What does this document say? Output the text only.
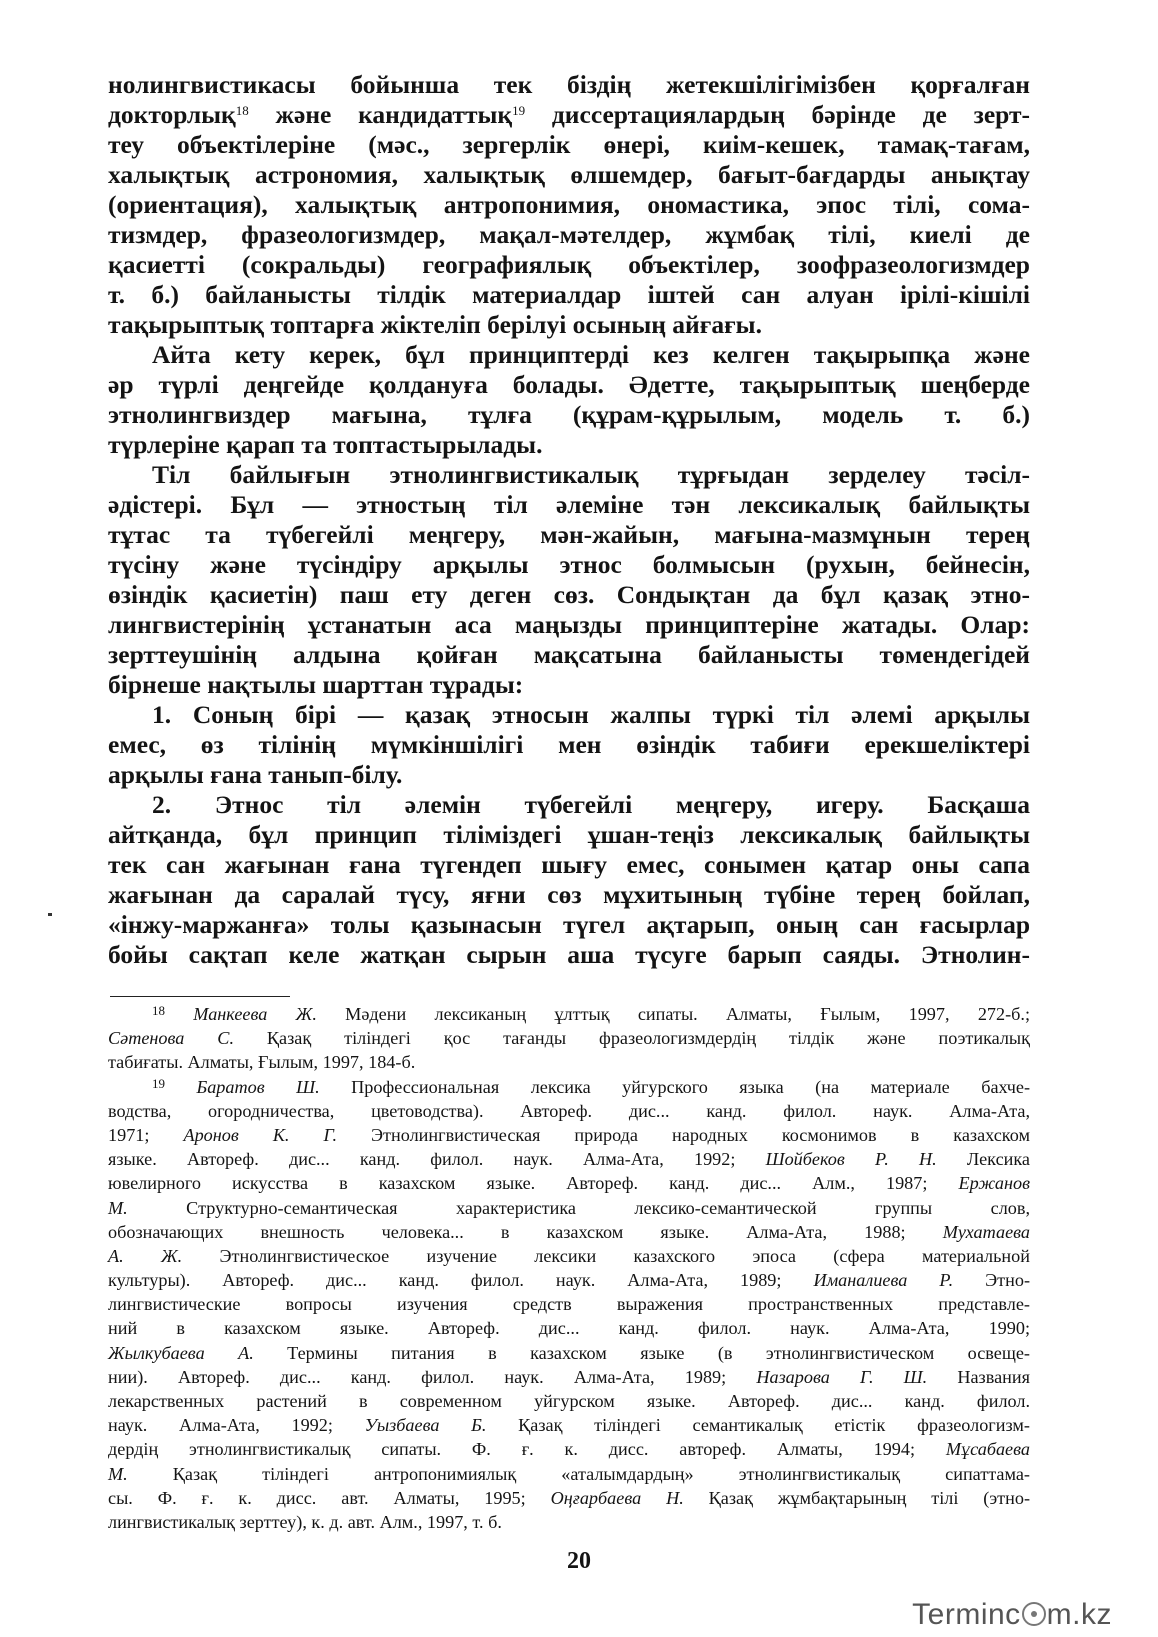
нолингвистикасы бойынша тек біздің жетекшілігімізбен қорғалған
докторлық$^{18}$ және кандидаттық$^{19}$ диссертациялардың бәрінде де зерт-
теу объектілеріне (мәс., зергерлік өнері, киім-кешек, тамақ-тағам,
халықтық астрономия, халықтық өлшемдер, бағыт-бағдарды анықтау
(ориентация), халықтық антропонимия, ономастика, эпос тілі, сома-
тизмдер, фразеологизмдер, мақал-мәтелдер, жұмбақ тілі, киелі де
қасиетті (сокральды) географиялық объектілер, зоофразеологизмдер
т. б.) байланысты тілдік материалдар іштей сан алуан ірілі-кішілі
тақырыптық топтарға жіктеліп берілуі осының айғағы.
Айта кету керек, бұл принциптерді кез келген тақырыпқа және
әр түрлі деңгейде қолдануға болады. Әдетте, тақырыптық шеңберде
этнолингвиздер мағына, тұлға (құрам-құрылым, модель т. б.)
түрлеріне қарап та топтастырылады.
Тіл байлығын этнолингвистикалық тұрғыдан зерделеу тәсіл-
әдістері. Бұл — этностың тіл әлеміне тән лексикалық байлықты
тұтас та түбегейлі меңгеру, мән-жайын, мағына-мазмұнын терең
түсіну және түсіндіру арқылы этнос болмысын (рухын, бейнесін,
өзіндік қасиетін) паш ету деген сөз. Сондықтан да бұл қазақ этно-
лингвистерінің ұстанатын аса маңызды принциптеріне жатады. Олар:
зерттеушінің алдына қойған мақсатына байланысты төмендегідей
бірнеше нақтылы шарттан тұрады:
1. Соның бірі — қазақ этносын жалпы түркі тіл әлемі арқылы
емес, өз тілінің мүмкіншілігі мен өзіндік табиғи ерекшеліктері
арқылы ғана танып-білу.
2. Этнос тіл әлемін түбегейлі меңгеру, игеру. Басқаша
айтқанда, бұл принцип тіліміздегі ұшан-теңіз лексикалық байлықты
тек сан жағынан ғана түгендеп шығу емес, сонымен қатар оны сапа
жағынан да саралай түсу, яғни сөз мұхитының түбіне терең бойлап,
«інжу-маржанға» толы қазынасын түгел ақтарып, оның сан ғасырлар
бойы сақтап келе жатқан сырын аша түсуге барып саяды. Этнолин-
$^{18}$ Манкеева Ж. Мәдени лексиканың ұлттық сипаты. Алматы, Ғылым, 1997, 272-б.;
Сәтенова С. Қазақ тіліндегі қос тағанды фразеологизмдердің тілдік және поэтикалық
табиғаты. Алматы, Ғылым, 1997, 184-б.
$^{19}$ Баратов Ш. Профессиональная лексика уйгурского языка (на материале бахче-
водства, огородничества, цветоводства). Автореф. дис... канд. филол. наук. Алма-Ата,
1971; Аронов К. Г. Этнолингвистическая природа народных космонимов в казахском
языке. Автореф. дис... канд. филол. наук. Алма-Ата, 1992; Шойбеков Р. Н. Лексика
ювелирного искусства в казахском языке. Автореф. канд. дис... Алм., 1987; Ержанов
М. Структурно-семантическая характеристика лексико-семантической группы слов,
обозначающих внешность человека... в казахском языке. Алма-Ата, 1988; Мухатаева
А. Ж. Этнолингвистическое изучение лексики казахского эпоса (сфера материальной
культуры). Автореф. дис... канд. филол. наук. Алма-Ата, 1989; Иманалиева Р. Этно-
лингвистические вопросы изучения средств выражения пространственных представле-
ний в казахском языке. Автореф. дис... канд. филол. наук. Алма-Ата, 1990;
Жылкубаева А. Термины питания в казахском языке (в этнолингвистическом освеще-
нии). Автореф. дис... канд. филол. наук. Алма-Ата, 1989; Назарова Г. Ш. Названия
лекарственных растений в современном уйгурском языке. Автореф. дис... канд. филол.
наук. Алма-Ата, 1992; Уызбаева Б. Қазақ тіліндегі семантикалық етістік фразеологизм-
дердің этнолингвистикалық сипаты. Ф. ғ. к. дисс. автореф. Алматы, 1994; Мұсабаева
М. Қазақ тіліндегі антропонимиялық «аталымдардың» этнолингвистикалық сипаттама-
сы. Ф. ғ. к. дисс. авт. Алматы, 1995; Оңғарбаева Н. Қазақ жұмбақтарының тілі (этно-
лингвистикалық зерттеу), к. д. авт. Алм., 1997, т. б.
20
Terminc m.kz
